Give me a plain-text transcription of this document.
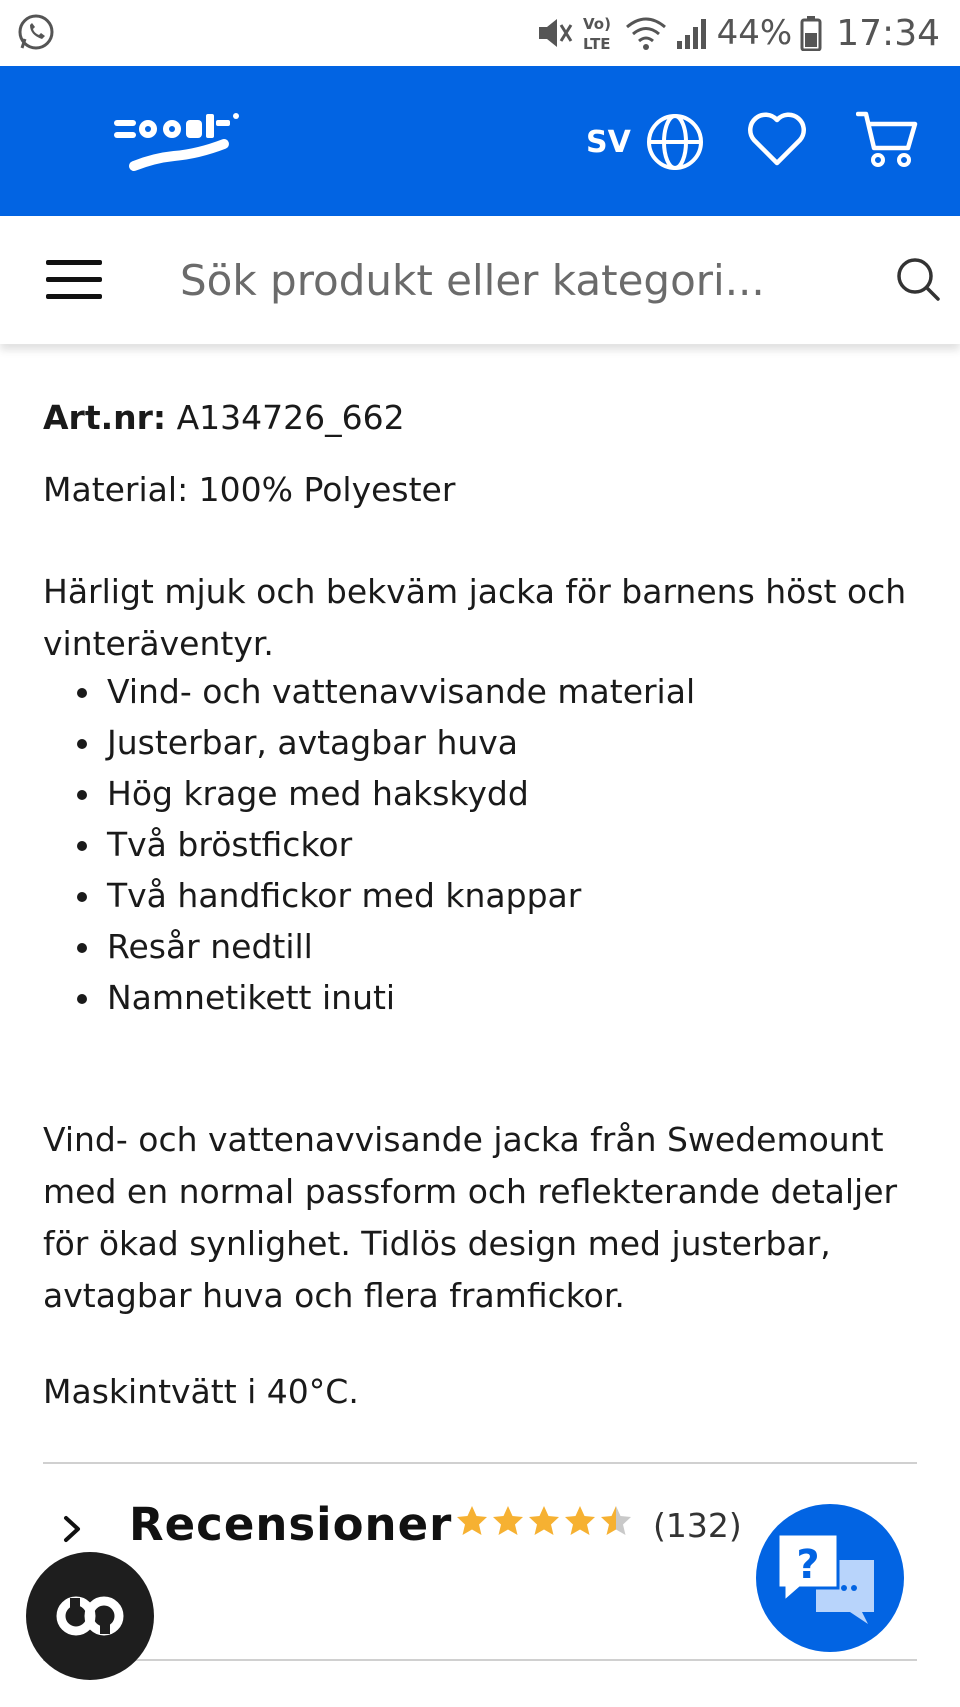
Vo)
LTE	44% 17:34
SV
Sök produkt eller kategori...
Art.nr: A134726_662
Material: 100% Polyester
Härligt mjuk och bekväm jacka för barnens höst och vinteräventyr.
Vind- och vattenavvisande material
Justerbar, avtagbar huva
Hög krage med hakskydd
Två bröstfickor
Två handfickor med knappar
Resår nedtill
Namnetikett inuti
Vind- och vattenavvisande jacka från Swedemount med en normal passform och reflekterande detaljer för ökad synlighet. Tidlös design med justerbar, avtagbar huva och flera framfickor.
Maskintvätt i 40°C.
Recensioner	(132)
?
